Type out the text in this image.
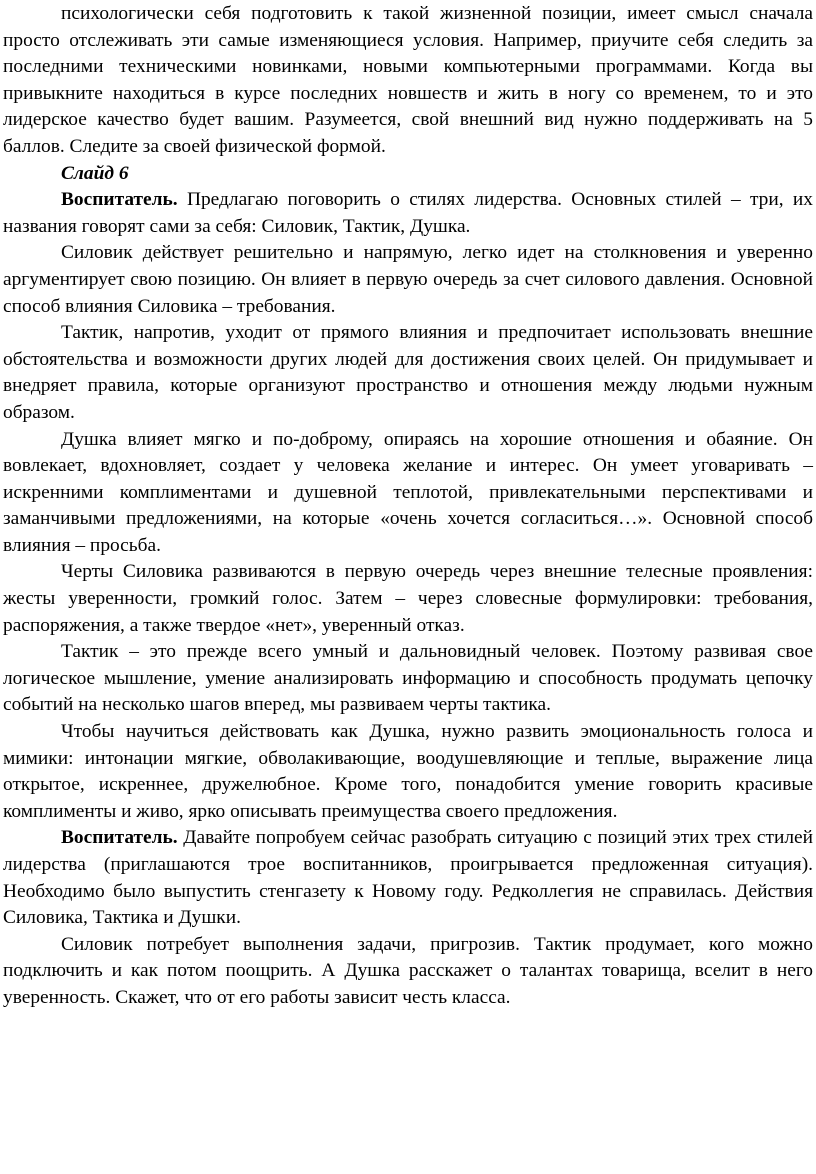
психологически себя подготовить к такой жизненной позиции, имеет смысл сначала просто отслеживать эти самые изменяющиеся условия. Например, приучите себя следить за последними техническими новинками, новыми компьютерными программами. Когда вы привыкните находиться в курсе последних новшеств и жить в ногу со временем, то и это лидерское качество будет вашим. Разумеется, свой внешний вид нужно поддерживать на 5 баллов. Следите за своей физической формой.

Слайд 6

Воспитатель. Предлагаю поговорить о стилях лидерства. Основных стилей – три, их названия говорят сами за себя: Силовик, Тактик, Душка.

Силовик действует решительно и напрямую, легко идет на столкновения и уверенно аргументирует свою позицию. Он влияет в первую очередь за счет силового давления. Основной способ влияния Силовика – требования.

Тактик, напротив, уходит от прямого влияния и предпочитает использовать внешние обстоятельства и возможности других людей для достижения своих целей. Он придумывает и внедряет правила, которые организуют пространство и отношения между людьми нужным образом.

Душка влияет мягко и по-доброму, опираясь на хорошие отношения и обаяние. Он вовлекает, вдохновляет, создает у человека желание и интерес. Он умеет уговаривать – искренними комплиментами и душевной теплотой, привлекательными перспективами и заманчивыми предложениями, на которые «очень хочется согласиться…». Основной способ влияния – просьба.

Черты Силовика развиваются в первую очередь через внешние телесные проявления: жесты уверенности, громкий голос. Затем – через словесные формулировки: требования, распоряжения, а также твердое «нет», уверенный отказ.

Тактик – это прежде всего умный и дальновидный человек. Поэтому развивая свое логическое мышление, умение анализировать информацию и способность продумать цепочку событий на несколько шагов вперед, мы развиваем черты тактика.

Чтобы научиться действовать как Душка, нужно развить эмоциональность голоса и мимики: интонации мягкие, обволакивающие, воодушевляющие и теплые, выражение лица открытое, искреннее, дружелюбное. Кроме того, понадобится умение говорить красивые комплименты и живо, ярко описывать преимущества своего предложения.

Воспитатель. Давайте попробуем сейчас разобрать ситуацию с позиций этих трех стилей лидерства (приглашаются трое воспитанников, проигрывается предложенная ситуация). Необходимо было выпустить стенгазету к Новому году. Редколлегия не справилась. Действия Силовика, Тактика и Душки.

Силовик потребует выполнения задачи, пригрозив. Тактик продумает, кого можно подключить и как потом поощрить. А Душка расскажет о талантах товарища, вселит в него уверенность. Скажет, что от его работы зависит честь класса.
